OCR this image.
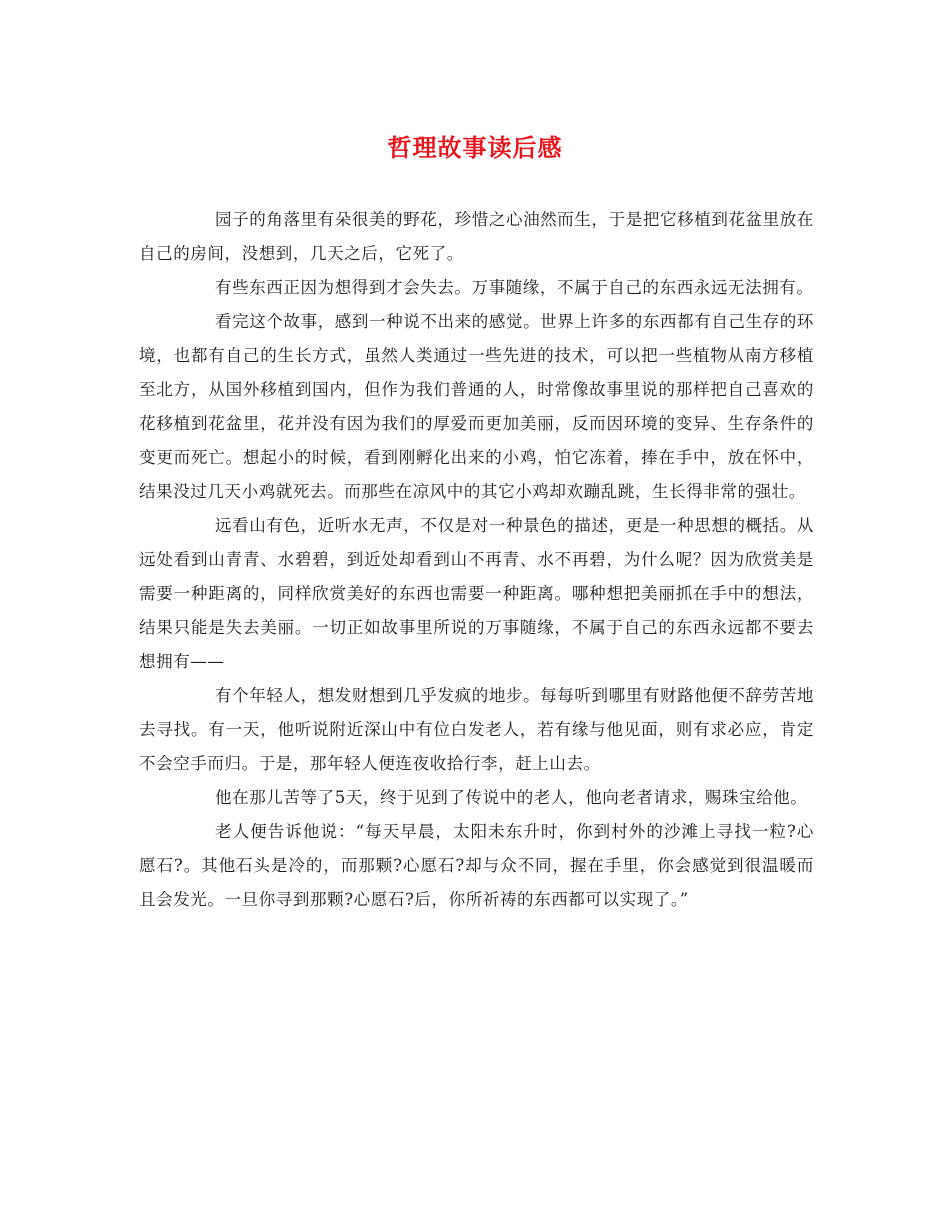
哲理故事读后感

园子的角落里有朵很美的野花，珍惜之心油然而生，于是把它移植到花盆里放在自己的房间，没想到，几天之后，它死了。

有些东西正因为想得到才会失去。万事随缘，不属于自己的东西永远无法拥有。

看完这个故事，感到一种说不出来的感觉。世界上许多的东西都有自己生存的环境，也都有自己的生长方式，虽然人类通过一些先进的技术，可以把一些植物从南方移植至北方，从国外移植到国内，但作为我们普通的人，时常像故事里说的那样把自己喜欢的花移植到花盆里，花并没有因为我们的厚爱而更加美丽，反而因环境的变异、生存条件的变更而死亡。想起小的时候，看到刚孵化出来的小鸡，怕它冻着，捧在手中，放在怀中，结果没过几天小鸡就死去。而那些在凉风中的其它小鸡却欢蹦乱跳，生长得非常的强壮。

远看山有色，近听水无声，不仅是对一种景色的描述，更是一种思想的概括。从远处看到山青青、水碧碧，到近处却看到山不再青、水不再碧，为什么呢？因为欣赏美是需要一种距离的，同样欣赏美好的东西也需要一种距离。哪种想把美丽抓在手中的想法，结果只能是失去美丽。一切正如故事里所说的万事随缘，不属于自己的东西永远都不要去想拥有——

有个年轻人，想发财想到几乎发疯的地步。每每听到哪里有财路他便不辞劳苦地去寻找。有一天，他听说附近深山中有位白发老人，若有缘与他见面，则有求必应，肯定不会空手而归。于是，那年轻人便连夜收拾行李，赶上山去。

他在那儿苦等了5天，终于见到了传说中的老人，他向老者请求，赐珠宝给他。

老人便告诉他说：“每天早晨，太阳未东升时，你到村外的沙滩上寻找一粒?心愿石?。其他石头是冷的，而那颗?心愿石?却与众不同，握在手里，你会感觉到很温暖而且会发光。一旦你寻到那颗?心愿石?后，你所祈祷的东西都可以实现了。”
